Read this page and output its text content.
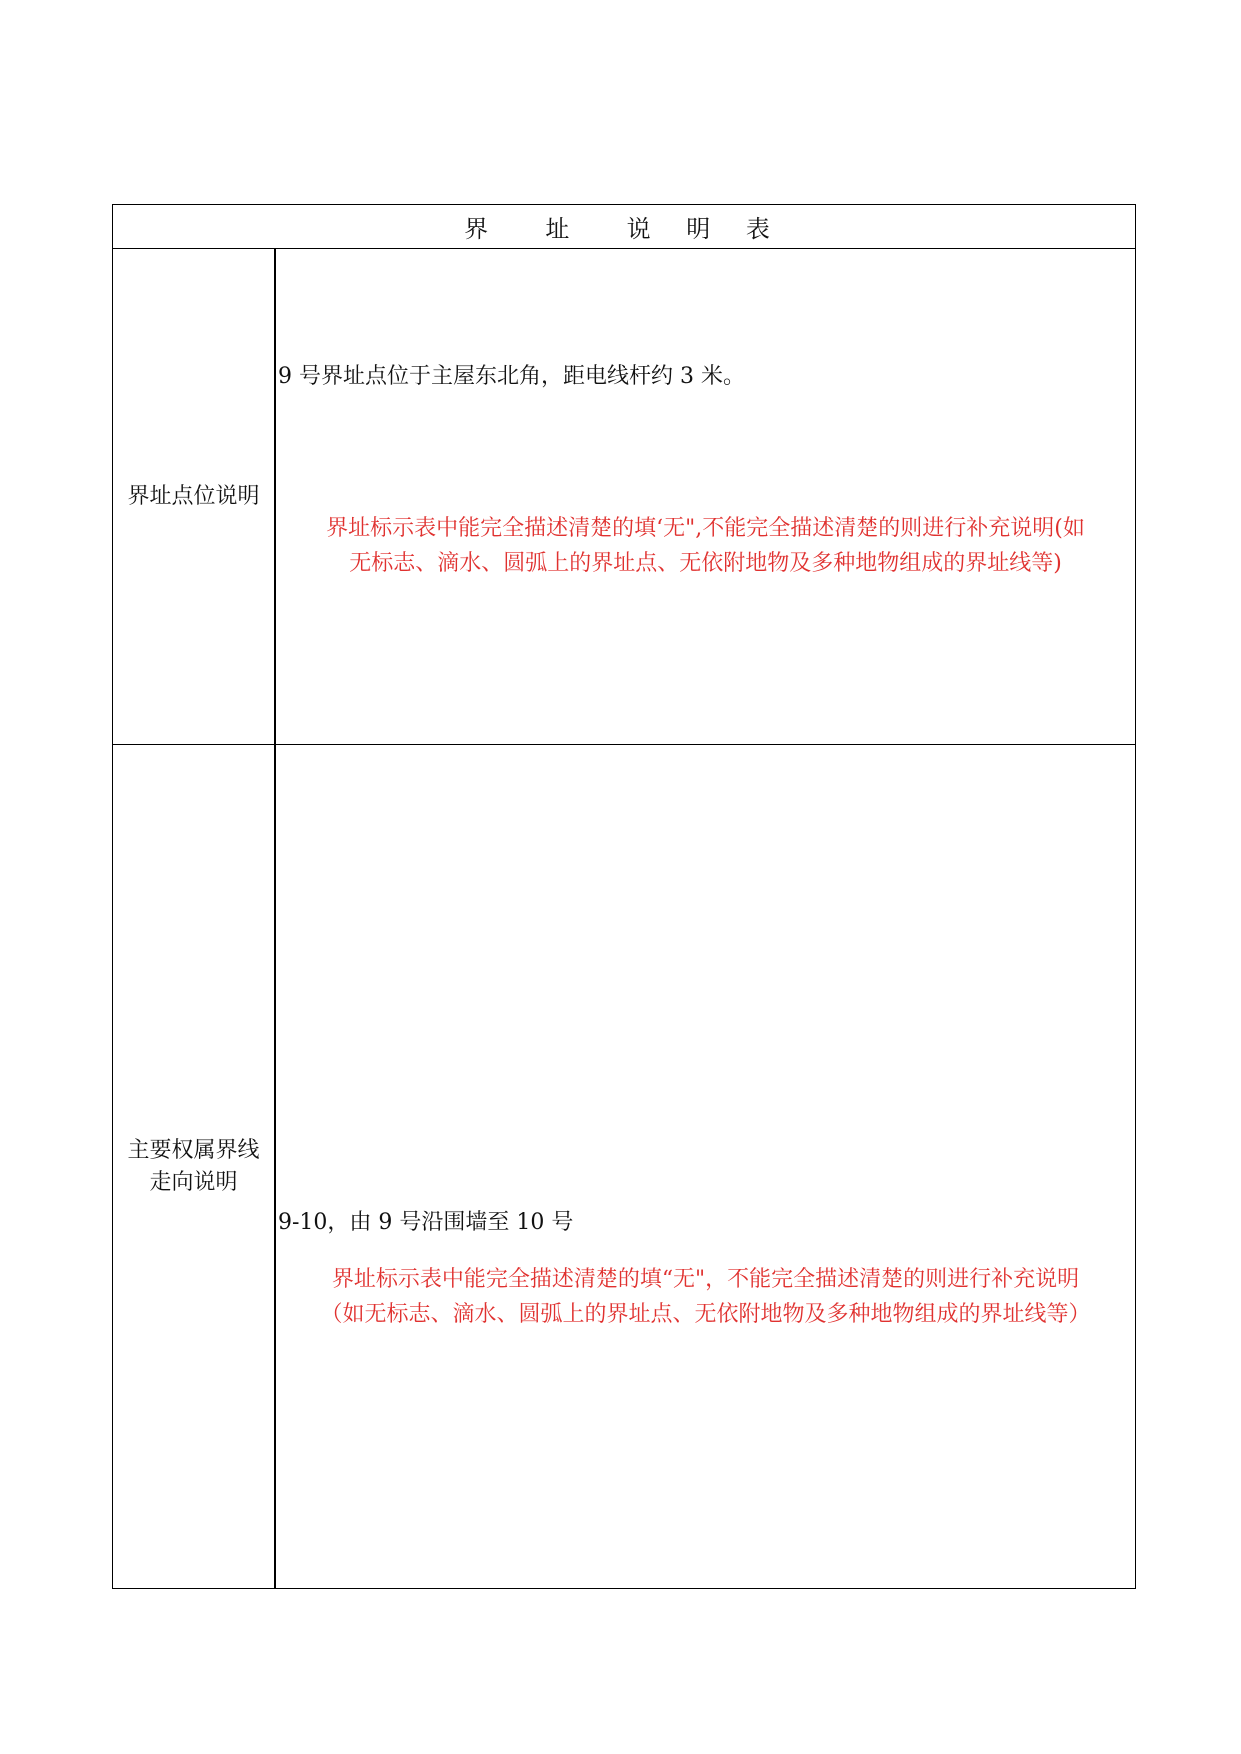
界  址  说 明 表
界址点位说明
9 号界址点位于主屋东北角，距电线杆约 3 米。
界址标示表中能完全描述清楚的填‘无",不能完全描述清楚的则进行补充说明(如
无标志、滴水、圆弧上的界址点、无依附地物及多种地物组成的界址线等)
主要权属界线
走向说明
9-10，由 9 号沿围墙至 10 号
界址标示表中能完全描述清楚的填“无"，不能完全描述清楚的则进行补充说明
（如无标志、滴水、圆弧上的界址点、无依附地物及多种地物组成的界址线等）
